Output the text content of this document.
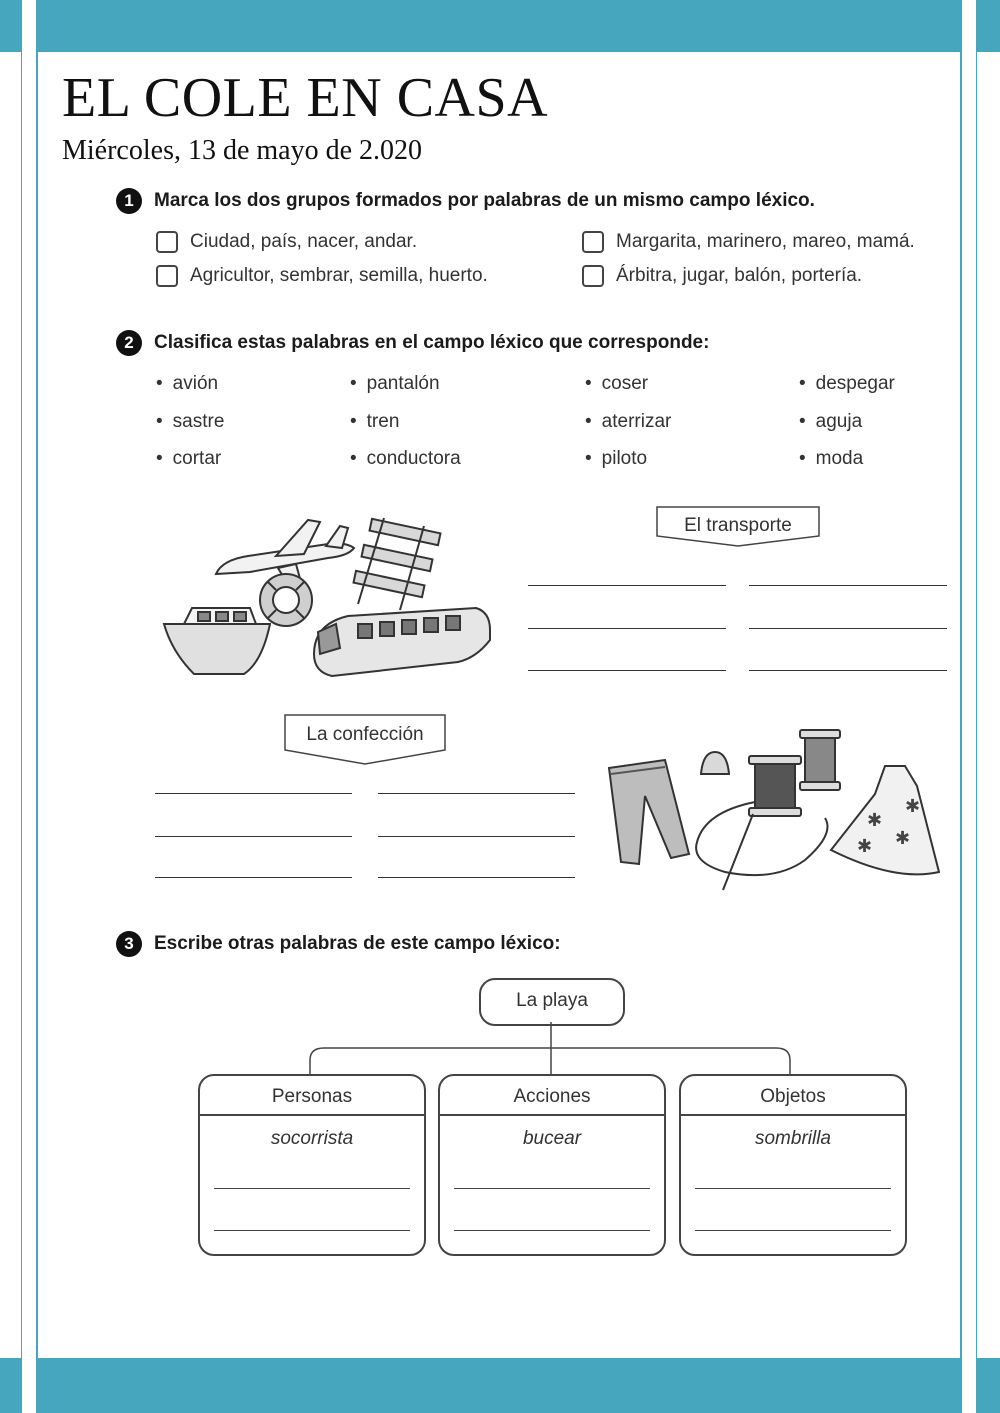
EL COLE EN CASA
Miércoles, 13 de mayo de 2.020
1	Marca los dos grupos formados por palabras de un mismo campo léxico.
Ciudad, país, nacer, andar.	Margarita, marinero, mareo, mamá.
Agricultor, sembrar, semilla, huerto.	Árbitra, jugar, balón, portería.
2	Clasifica estas palabras en el campo léxico que corresponde:
• avión
• sastre
• cortar
• pantalón
• tren
• conductora
• coser
• aterrizar
• piloto
• despegar
• aguja
• moda
El transporte
La confección
✱
✱
✱
✱
3	Escribe otras palabras de este campo léxico:
La playa
Personas
socorrista
Acciones
bucear
Objetos
sombrilla
